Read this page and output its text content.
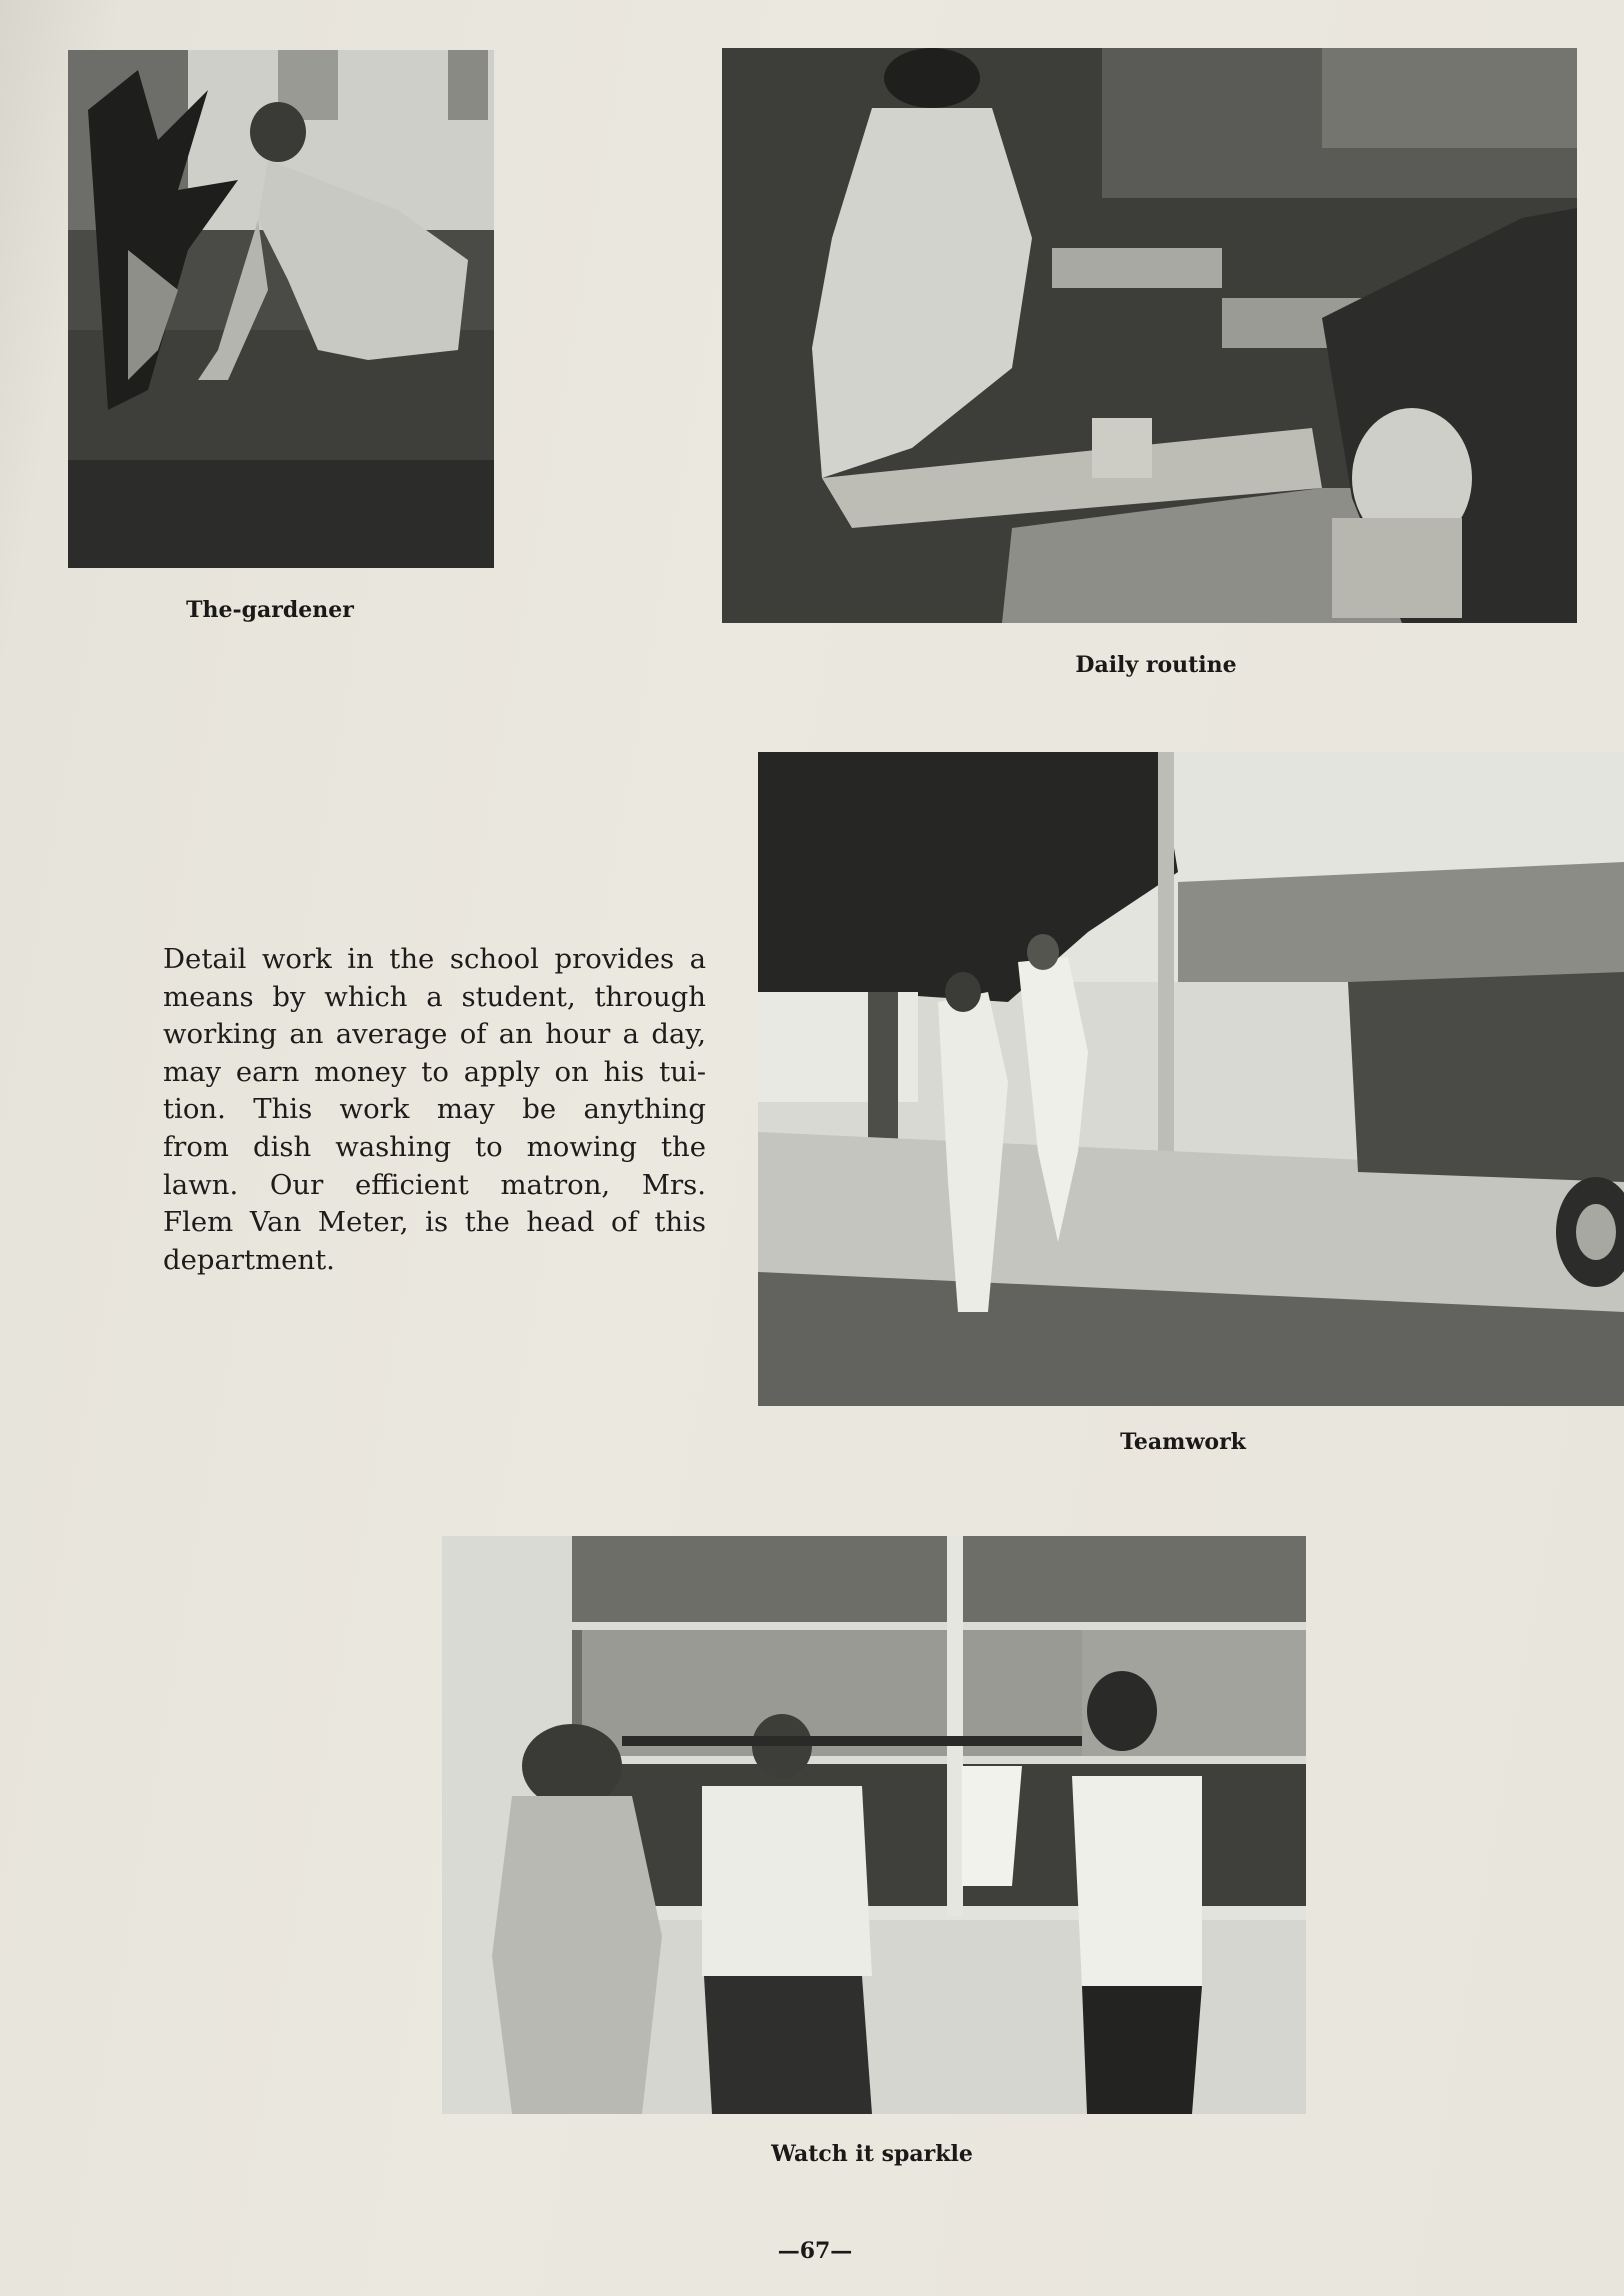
The-gardener
Daily routine
Detail work in the school provides a
means by which a student, through
working an average of an hour a day,
may earn money to apply on his tui-
tion. This work may be anything
from dish washing to mowing the
lawn. Our efficient matron, Mrs.
Flem Van Meter, is the head of this
department.
Teamwork
Watch it sparkle
—67—
